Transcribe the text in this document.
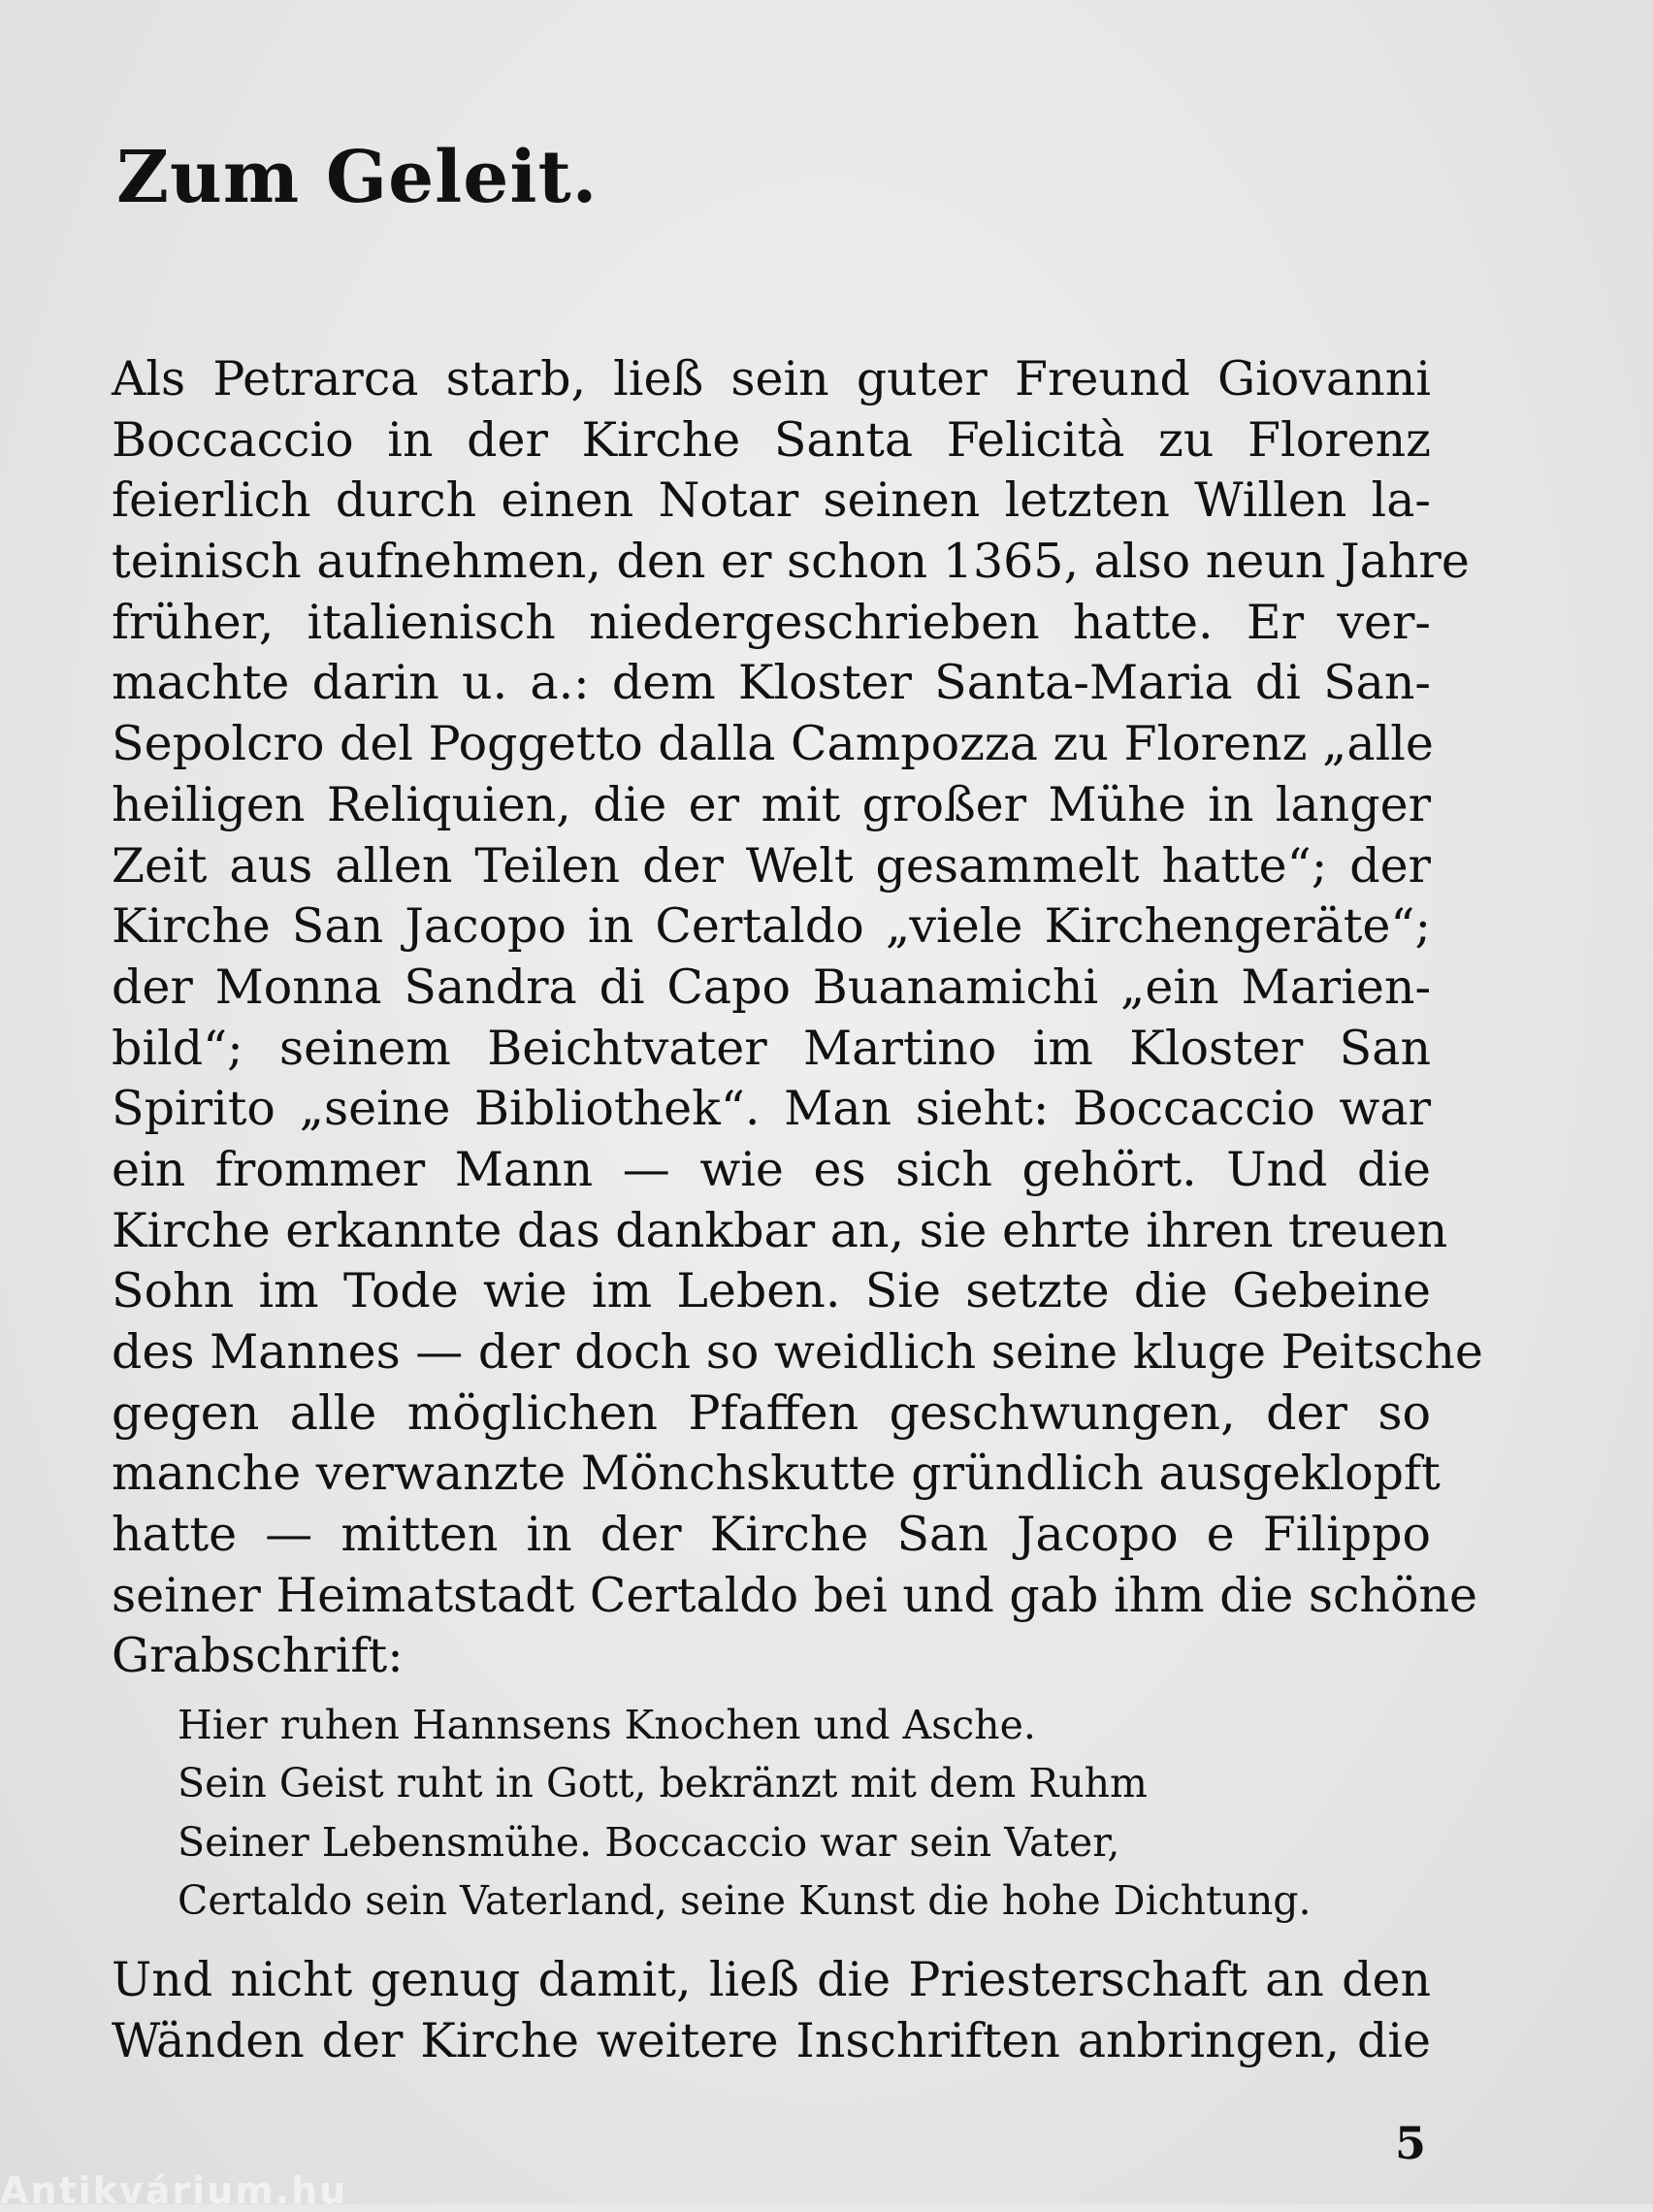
Zum Geleit.
Als Petrarca starb, ließ sein guter Freund Giovanni
Boccaccio in der Kirche Santa Felicità zu Florenz
feierlich durch einen Notar seinen letzten Willen la-
teinisch aufnehmen, den er schon 1365, also neun Jahre
früher, italienisch niedergeschrieben hatte. Er ver-
machte darin u. a.: dem Kloster Santa-Maria di San-
Sepolcro del Poggetto dalla Campozza zu Florenz „alle
heiligen Reliquien, die er mit großer Mühe in langer
Zeit aus allen Teilen der Welt gesammelt hatte“; der
Kirche San Jacopo in Certaldo „viele Kirchengeräte“;
der Monna Sandra di Capo Buanamichi „ein Marien-
bild“; seinem Beichtvater Martino im Kloster San
Spirito „seine Bibliothek“. Man sieht: Boccaccio war
ein frommer Mann — wie es sich gehört. Und die
Kirche erkannte das dankbar an, sie ehrte ihren treuen
Sohn im Tode wie im Leben. Sie setzte die Gebeine
des Mannes — der doch so weidlich seine kluge Peitsche
gegen alle möglichen Pfaffen geschwungen, der so
manche verwanzte Mönchskutte gründlich ausgeklopft
hatte — mitten in der Kirche San Jacopo e Filippo
seiner Heimatstadt Certaldo bei und gab ihm die schöne
Grabschrift:
Hier ruhen Hannsens Knochen und Asche.
Sein Geist ruht in Gott, bekränzt mit dem Ruhm
Seiner Lebensmühe. Boccaccio war sein Vater,
Certaldo sein Vaterland, seine Kunst die hohe Dichtung.
Und nicht genug damit, ließ die Priesterschaft an den
Wänden der Kirche weitere Inschriften anbringen, die
5
Antikvárium.hu
